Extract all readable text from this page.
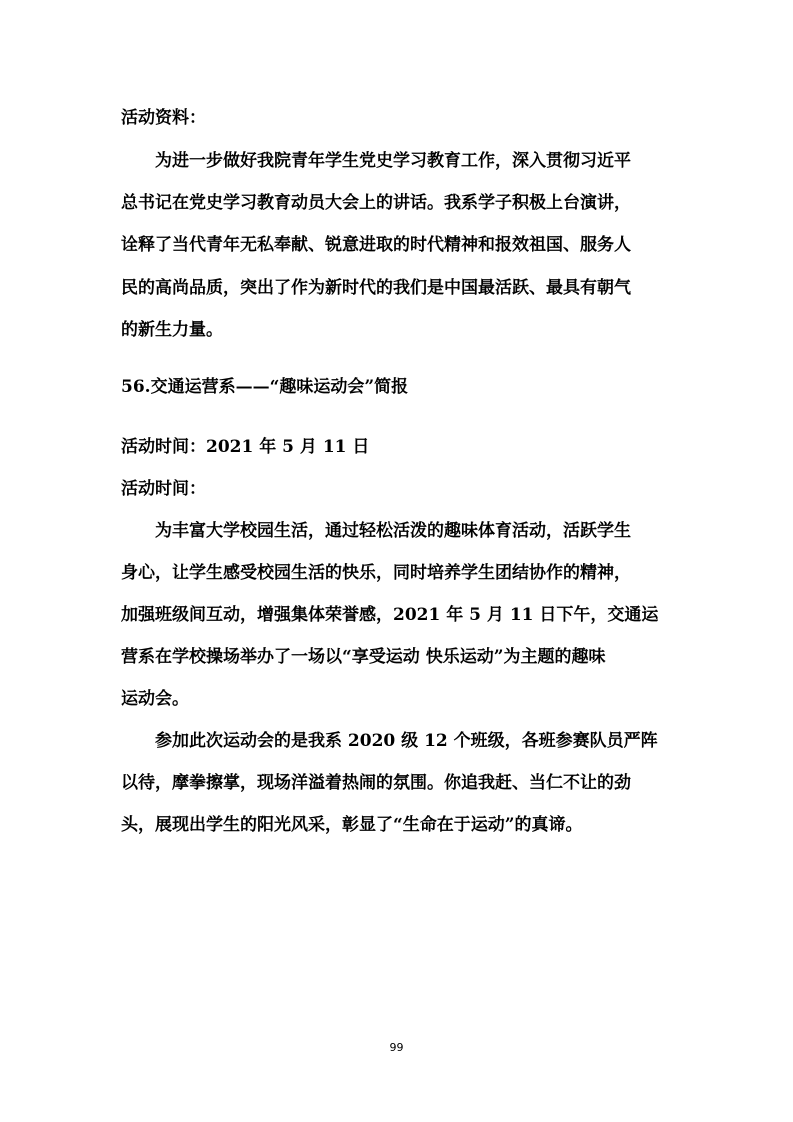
活动资料：

为进一步做好我院青年学生党史学习教育工作，深入贯彻习近平

总书记在党史学习教育动员大会上的讲话。我系学子积极上台演讲，

诠释了当代青年无私奉献、锐意进取的时代精神和报效祖国、服务人

民的高尚品质，突出了作为新时代的我们是中国最活跃、最具有朝气

的新生力量。

56.交通运营系——“趣味运动会”简报

活动时间：2021 年 5 月 11 日

活动时间：

为丰富大学校园生活，通过轻松活泼的趣味体育活动，活跃学生

身心，让学生感受校园生活的快乐，同时培养学生团结协作的精神，

加强班级间互动，增强集体荣誉感，2021 年 5 月 11 日下午，交通运

营系在学校操场举办了一场以“享受运动 快乐运动”为主题的趣味

运动会。

参加此次运动会的是我系 2020 级 12 个班级，各班参赛队员严阵

以待，摩拳擦掌，现场洋溢着热闹的氛围。你追我赶、当仁不让的劲

头，展现出学生的阳光风采，彰显了“生命在于运动”的真谛。

99
